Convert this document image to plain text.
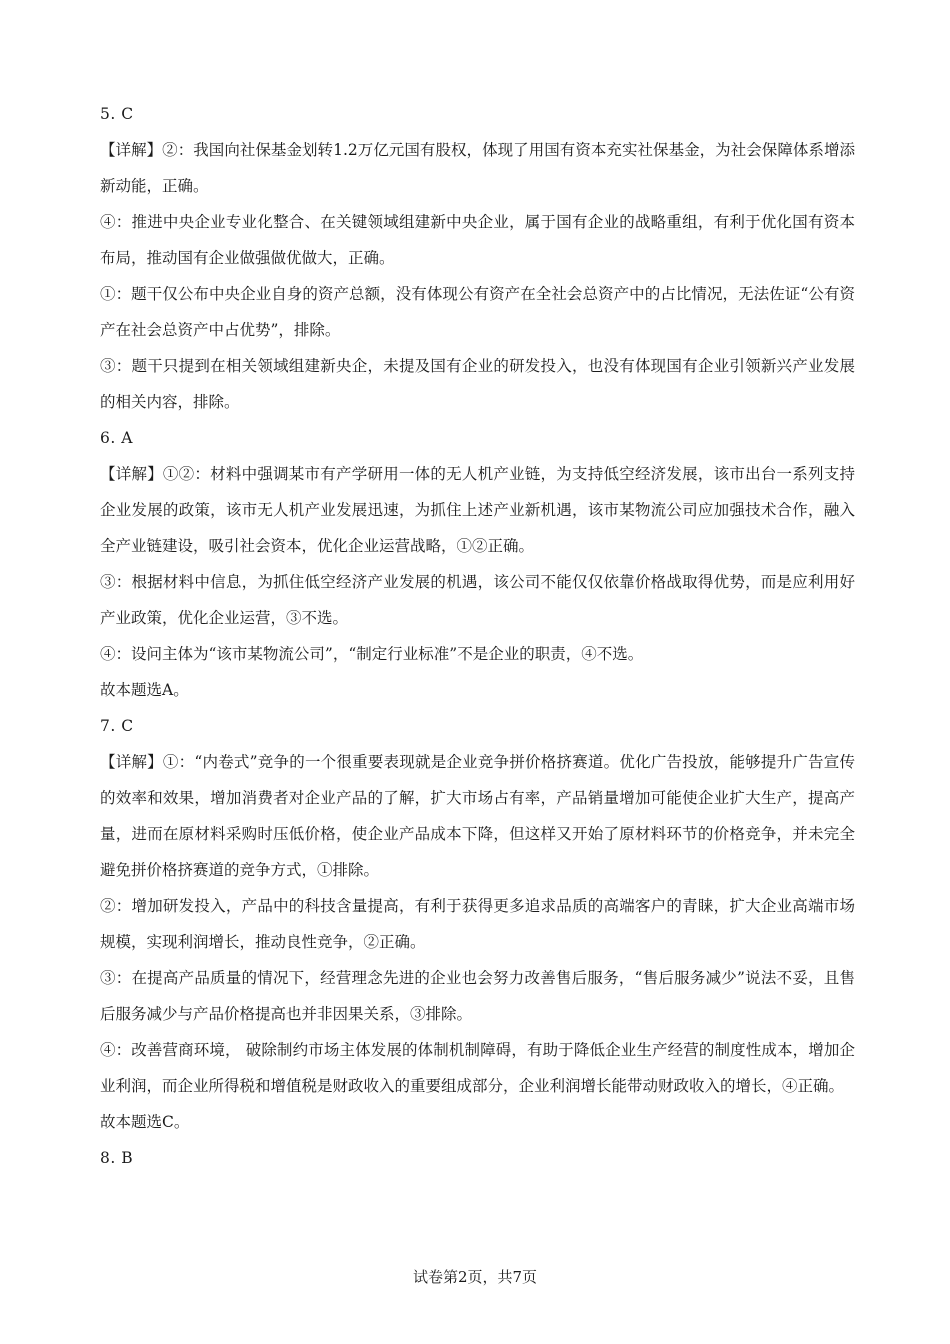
5. C

【详解】②：我国向社保基金划转1.2万亿元国有股权，体现了用国有资本充实社保基金，为社会保障体系增添新动能，正确。

④：推进中央企业专业化整合、在关键领域组建新中央企业，属于国有企业的战略重组，有利于优化国有资本布局，推动国有企业做强做优做大，正确。

①：题干仅公布中央企业自身的资产总额，没有体现公有资产在全社会总资产中的占比情况，无法佐证“公有资产在社会总资产中占优势”，排除。

③：题干只提到在相关领域组建新央企，未提及国有企业的研发投入，也没有体现国有企业引领新兴产业发展的相关内容，排除。

6. A

【详解】①②：材料中强调某市有产学研用一体的无人机产业链，为支持低空经济发展，该市出台一系列支持企业发展的政策，该市无人机产业发展迅速，为抓住上述产业新机遇，该市某物流公司应加强技术合作，融入全产业链建设，吸引社会资本，优化企业运营战略，①②正确。

③：根据材料中信息，为抓住低空经济产业发展的机遇，该公司不能仅仅依靠价格战取得优势，而是应利用好产业政策，优化企业运营，③不选。

④：设问主体为“该市某物流公司”，“制定行业标准”不是企业的职责，④不选。

故本题选A。

7. C

【详解】①：“内卷式”竞争的一个很重要表现就是企业竞争拼价格挤赛道。优化广告投放，能够提升广告宣传的效率和效果，增加消费者对企业产品的了解，扩大市场占有率，产品销量增加可能使企业扩大生产，提高产量，进而在原材料采购时压低价格，使企业产品成本下降，但这样又开始了原材料环节的价格竞争，并未完全避免拼价格挤赛道的竞争方式，①排除。

②：增加研发投入，产品中的科技含量提高，有利于获得更多追求品质的高端客户的青睐，扩大企业高端市场规模，实现利润增长，推动良性竞争，②正确。

③：在提高产品质量的情况下，经营理念先进的企业也会努力改善售后服务，“售后服务减少”说法不妥，且售后服务减少与产品价格提高也并非因果关系，③排除。

④：改善营商环境， 破除制约市场主体发展的体制机制障碍，有助于降低企业生产经营的制度性成本，增加企业利润，而企业所得税和增值税是财政收入的重要组成部分，企业利润增长能带动财政收入的增长，④正确。

故本题选C。

8. B

试卷第2页，共7页
